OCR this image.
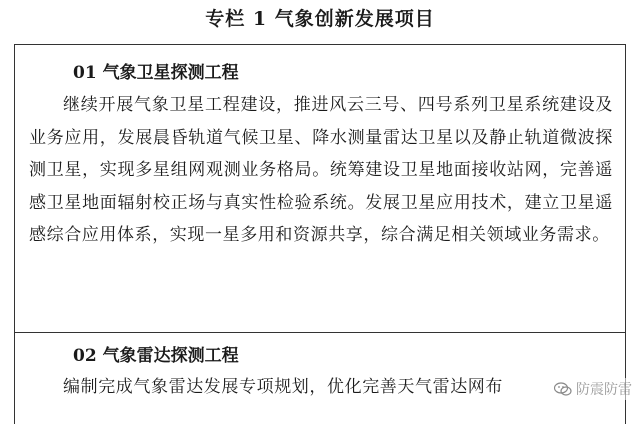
专栏 1 气象创新发展项目

01 气象卫星探测工程

继续开展气象卫星工程建设，推进风云三号、四号系列卫星系统建设及业务应用，发展晨昏轨道气候卫星、降水测量雷达卫星以及静止轨道微波探测卫星，实现多星组网观测业务格局。统筹建设卫星地面接收站网，完善遥感卫星地面辐射校正场与真实性检验系统。发展卫星应用技术，建立卫星遥感综合应用体系，实现一星多用和资源共享，综合满足相关领域业务需求。

02 气象雷达探测工程

编制完成气象雷达发展专项规划，优化完善天气雷达网布	防震防雷
